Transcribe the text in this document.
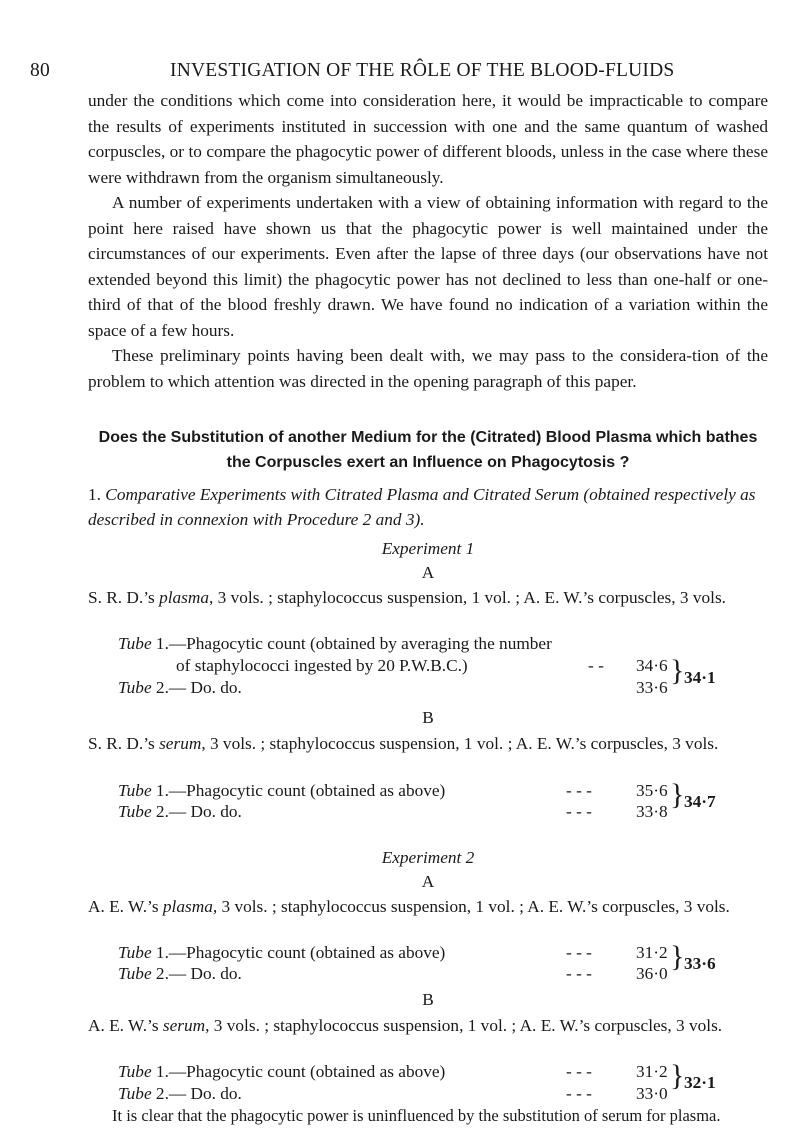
80	INVESTIGATION OF THE RÔLE OF THE BLOOD-FLUIDS

under the conditions which come into consideration here, it would be impracticable to compare the results of experiments instituted in succession with one and the same quantum of washed corpuscles, or to compare the phagocytic power of different bloods, unless in the case where these were withdrawn from the organism simultaneously.

A number of experiments undertaken with a view of obtaining information with regard to the point here raised have shown us that the phagocytic power is well maintained under the circumstances of our experiments. Even after the lapse of three days (our observations have not extended beyond this limit) the phagocytic power has not declined to less than one-half or one-third of that of the blood freshly drawn. We have found no indication of a variation within the space of a few hours.

These preliminary points having been dealt with, we may pass to the considera-tion of the problem to which attention was directed in the opening paragraph of this paper.

Does the Substitution of another Medium for the (Citrated) Blood Plasma which bathes the Corpuscles exert an Influence on Phagocytosis ?
1. Comparative Experiments with Citrated Plasma and Citrated Serum (obtained respectively as described in connexion with Procedure 2 and 3).
Experiment 1
A
S. R. D.’s plasma, 3 vols. ; staphylococcus suspension, 1 vol. ; A. E. W.’s corpuscles, 3 vols.
Tube 1.—Phagocytic count (obtained by averaging the number
of staphylococci ingested by 20 P.W.B.C.)
Tube 2.— Do. do.
- - 34·6
33·6
} 34·1
B
S. R. D.’s serum, 3 vols. ; staphylococcus suspension, 1 vol. ; A. E. W.’s corpuscles, 3 vols.
Tube 1.—Phagocytic count (obtained as above)
Tube 2.— Do. do.
- - -
- - -
35·6
33·8
} 34·7
Experiment 2
A
A. E. W.’s plasma, 3 vols. ; staphylococcus suspension, 1 vol. ; A. E. W.’s corpuscles, 3 vols.
Tube 1.—Phagocytic count (obtained as above)
Tube 2.— Do. do.
- - -
- - -
31·2
36·0
} 33·6
B
A. E. W.’s serum, 3 vols. ; staphylococcus suspension, 1 vol. ; A. E. W.’s corpuscles, 3 vols.
Tube 1.—Phagocytic count (obtained as above)
Tube 2.— Do. do.
- - -
- - -
31·2
33·0
} 32·1

It is clear that the phagocytic power is uninfluenced by the substitution of serum for plasma.
